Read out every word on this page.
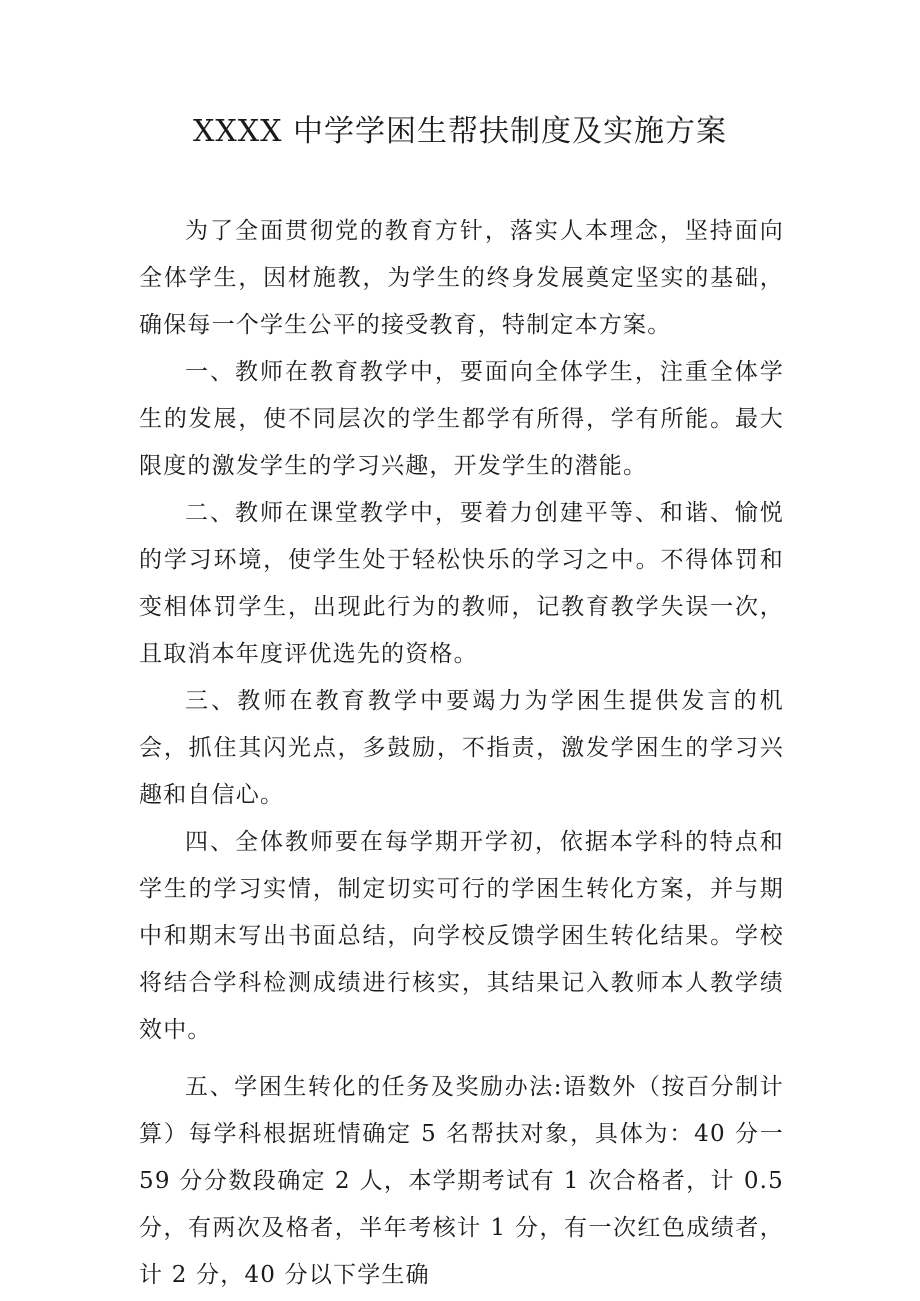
XXXX 中学学困生帮扶制度及实施方案

为了全面贯彻党的教育方针，落实人本理念，坚持面向全体学生，因材施教，为学生的终身发展奠定坚实的基础，确保每一个学生公平的接受教育，特制定本方案。

一、教师在教育教学中，要面向全体学生，注重全体学生的发展，使不同层次的学生都学有所得，学有所能。最大限度的激发学生的学习兴趣，开发学生的潜能。

二、教师在课堂教学中，要着力创建平等、和谐、愉悦的学习环境，使学生处于轻松快乐的学习之中。不得体罚和变相体罚学生，出现此行为的教师，记教育教学失误一次，且取消本年度评优选先的资格。

三、教师在教育教学中要竭力为学困生提供发言的机会，抓住其闪光点，多鼓励，不指责，激发学困生的学习兴趣和自信心。

四、全体教师要在每学期开学初，依据本学科的特点和学生的学习实情，制定切实可行的学困生转化方案，并与期中和期末写出书面总结，向学校反馈学困生转化结果。学校将结合学科检测成绩进行核实，其结果记入教师本人教学绩效中。

五、学困生转化的任务及奖励办法:语数外（按百分制计算）每学科根据班情确定 5 名帮扶对象，具体为：40 分一 59 分分数段确定 2 人，本学期考试有 1 次合格者，计 0.5 分，有两次及格者，半年考核计 1 分，有一次红色成绩者，计 2 分，40 分以下学生确
